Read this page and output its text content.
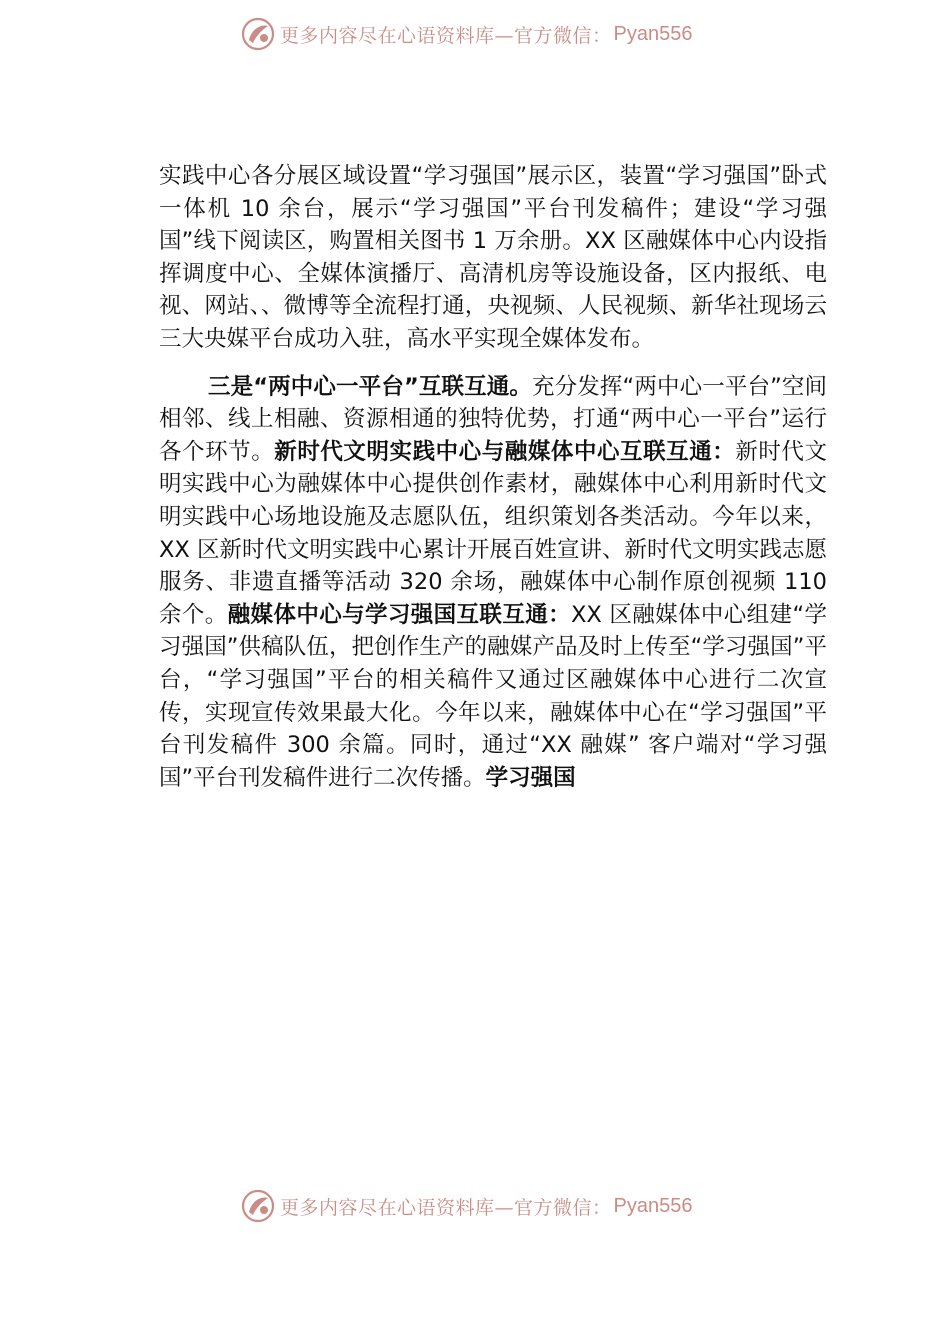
更多内容尽在心语资料库—官方微信： Pyan556

实践中心各分展区域设置“学习强国”展示区，装置“学习强国”卧式一体机 10 余台，展示“学习强国”平台刊发稿件；建设“学习强国”线下阅读区，购置相关图书 1 万余册。XX 区融媒体中心内设指挥调度中心、全媒体演播厅、高清机房等设施设备，区内报纸、电视、网站、、微博等全流程打通，央视频、人民视频、新华社现场云三大央媒平台成功入驻，高水平实现全媒体发布。

三是“两中心一平台”互联互通。充分发挥“两中心一平台”空间相邻、线上相融、资源相通的独特优势，打通“两中心一平台”运行各个环节。新时代文明实践中心与融媒体中心互联互通：新时代文明实践中心为融媒体中心提供创作素材，融媒体中心利用新时代文明实践中心场地设施及志愿队伍，组织策划各类活动。今年以来，XX 区新时代文明实践中心累计开展百姓宣讲、新时代文明实践志愿服务、非遗直播等活动 320 余场，融媒体中心制作原创视频 110 余个。融媒体中心与学习强国互联互通：XX 区融媒体中心组建“学习强国”供稿队伍，把创作生产的融媒产品及时上传至“学习强国”平台，“学习强国”平台的相关稿件又通过区融媒体中心进行二次宣传，实现宣传效果最大化。今年以来，融媒体中心在“学习强国”平台刊发稿件 300 余篇。同时，通过“XX 融媒” 客户端对“学习强国”平台刊发稿件进行二次传播。学习强国

更多内容尽在心语资料库—官方微信： Pyan556
